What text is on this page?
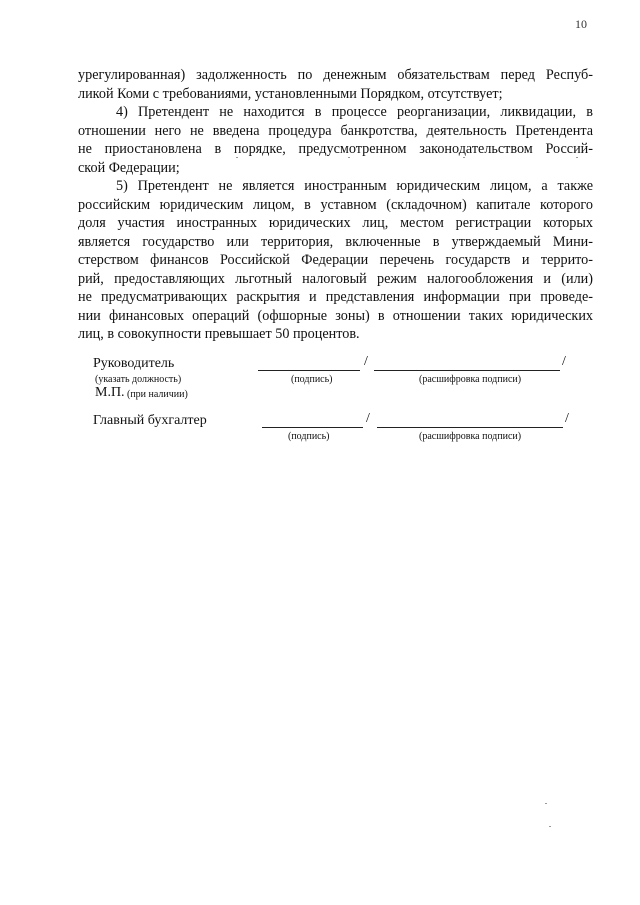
10
урегулированная) задолженность по денежным обязательствам перед Респуб-
ликой Коми с требованиями, установленными Порядком, отсутствует;
4) Претендент не находится в процессе реорганизации, ликвидации, в
отношении него не введена процедура банкротства, деятельность Претендента
не приостановлена в порядке, предусмотренном законодательством Россий-
ской Федерации;
5) Претендент не является иностранным юридическим лицом, а также
российским юридическим лицом, в уставном (складочном) капитале которого
доля участия иностранных юридических лиц, местом регистрации которых
является государство или территория, включенные в утверждаемый Мини-
стерством финансов Российской Федерации перечень государств и террито-
рий, предоставляющих льготный налоговый режим налогообложения и (или)
не предусматривающих раскрытия и представления информации при проведе-
нии финансовых операций (офшорные зоны) в отношении таких юридических
лиц, в совокупности превышает 50 процентов.
Руководитель
(указать должность)
/	/
(подпись)	(расшифровка подписи)
М.П. (при наличии)
Главный бухгалтер	/	/
(подпись)	(расшифровка подписи)
